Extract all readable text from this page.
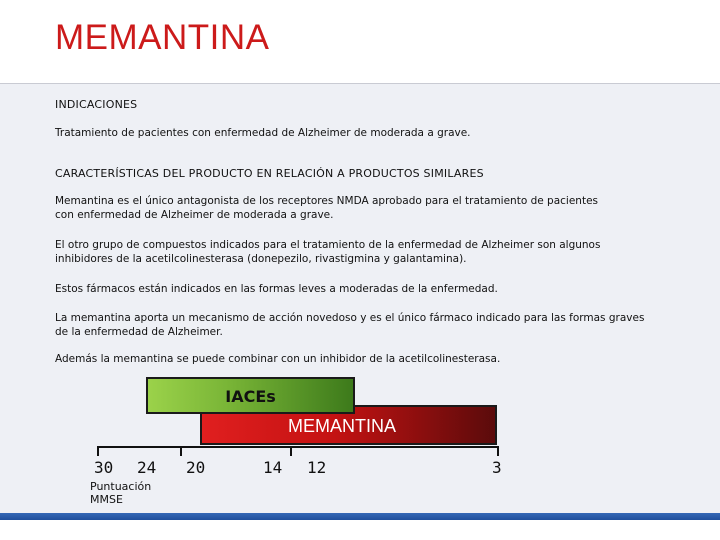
MEMANTINA
INDICACIONES
Tratamiento de pacientes con enfermedad de Alzheimer de moderada a grave.
CARACTERÍSTICAS DEL PRODUCTO EN RELACIÓN A PRODUCTOS SIMILARES
Memantina es el único antagonista de los receptores NMDA aprobado para el tratamiento de pacientes con enfermedad de Alzheimer de moderada a grave.
El otro grupo de compuestos indicados para el tratamiento de la enfermedad de Alzheimer son algunos inhibidores de la acetilcolinesterasa (donepezilo, rivastigmina y galantamina).
Estos fármacos están indicados en las formas leves a moderadas de la enfermedad.
La memantina aporta un mecanismo de acción novedoso y es el único fármaco indicado para las formas graves de la enfermedad de Alzheimer.
Además la memantina se puede combinar con un inhibidor de la acetilcolinesterasa.
MEMANTINA
IACEs
30 24 20	14 12	3
Puntuación MMSE
